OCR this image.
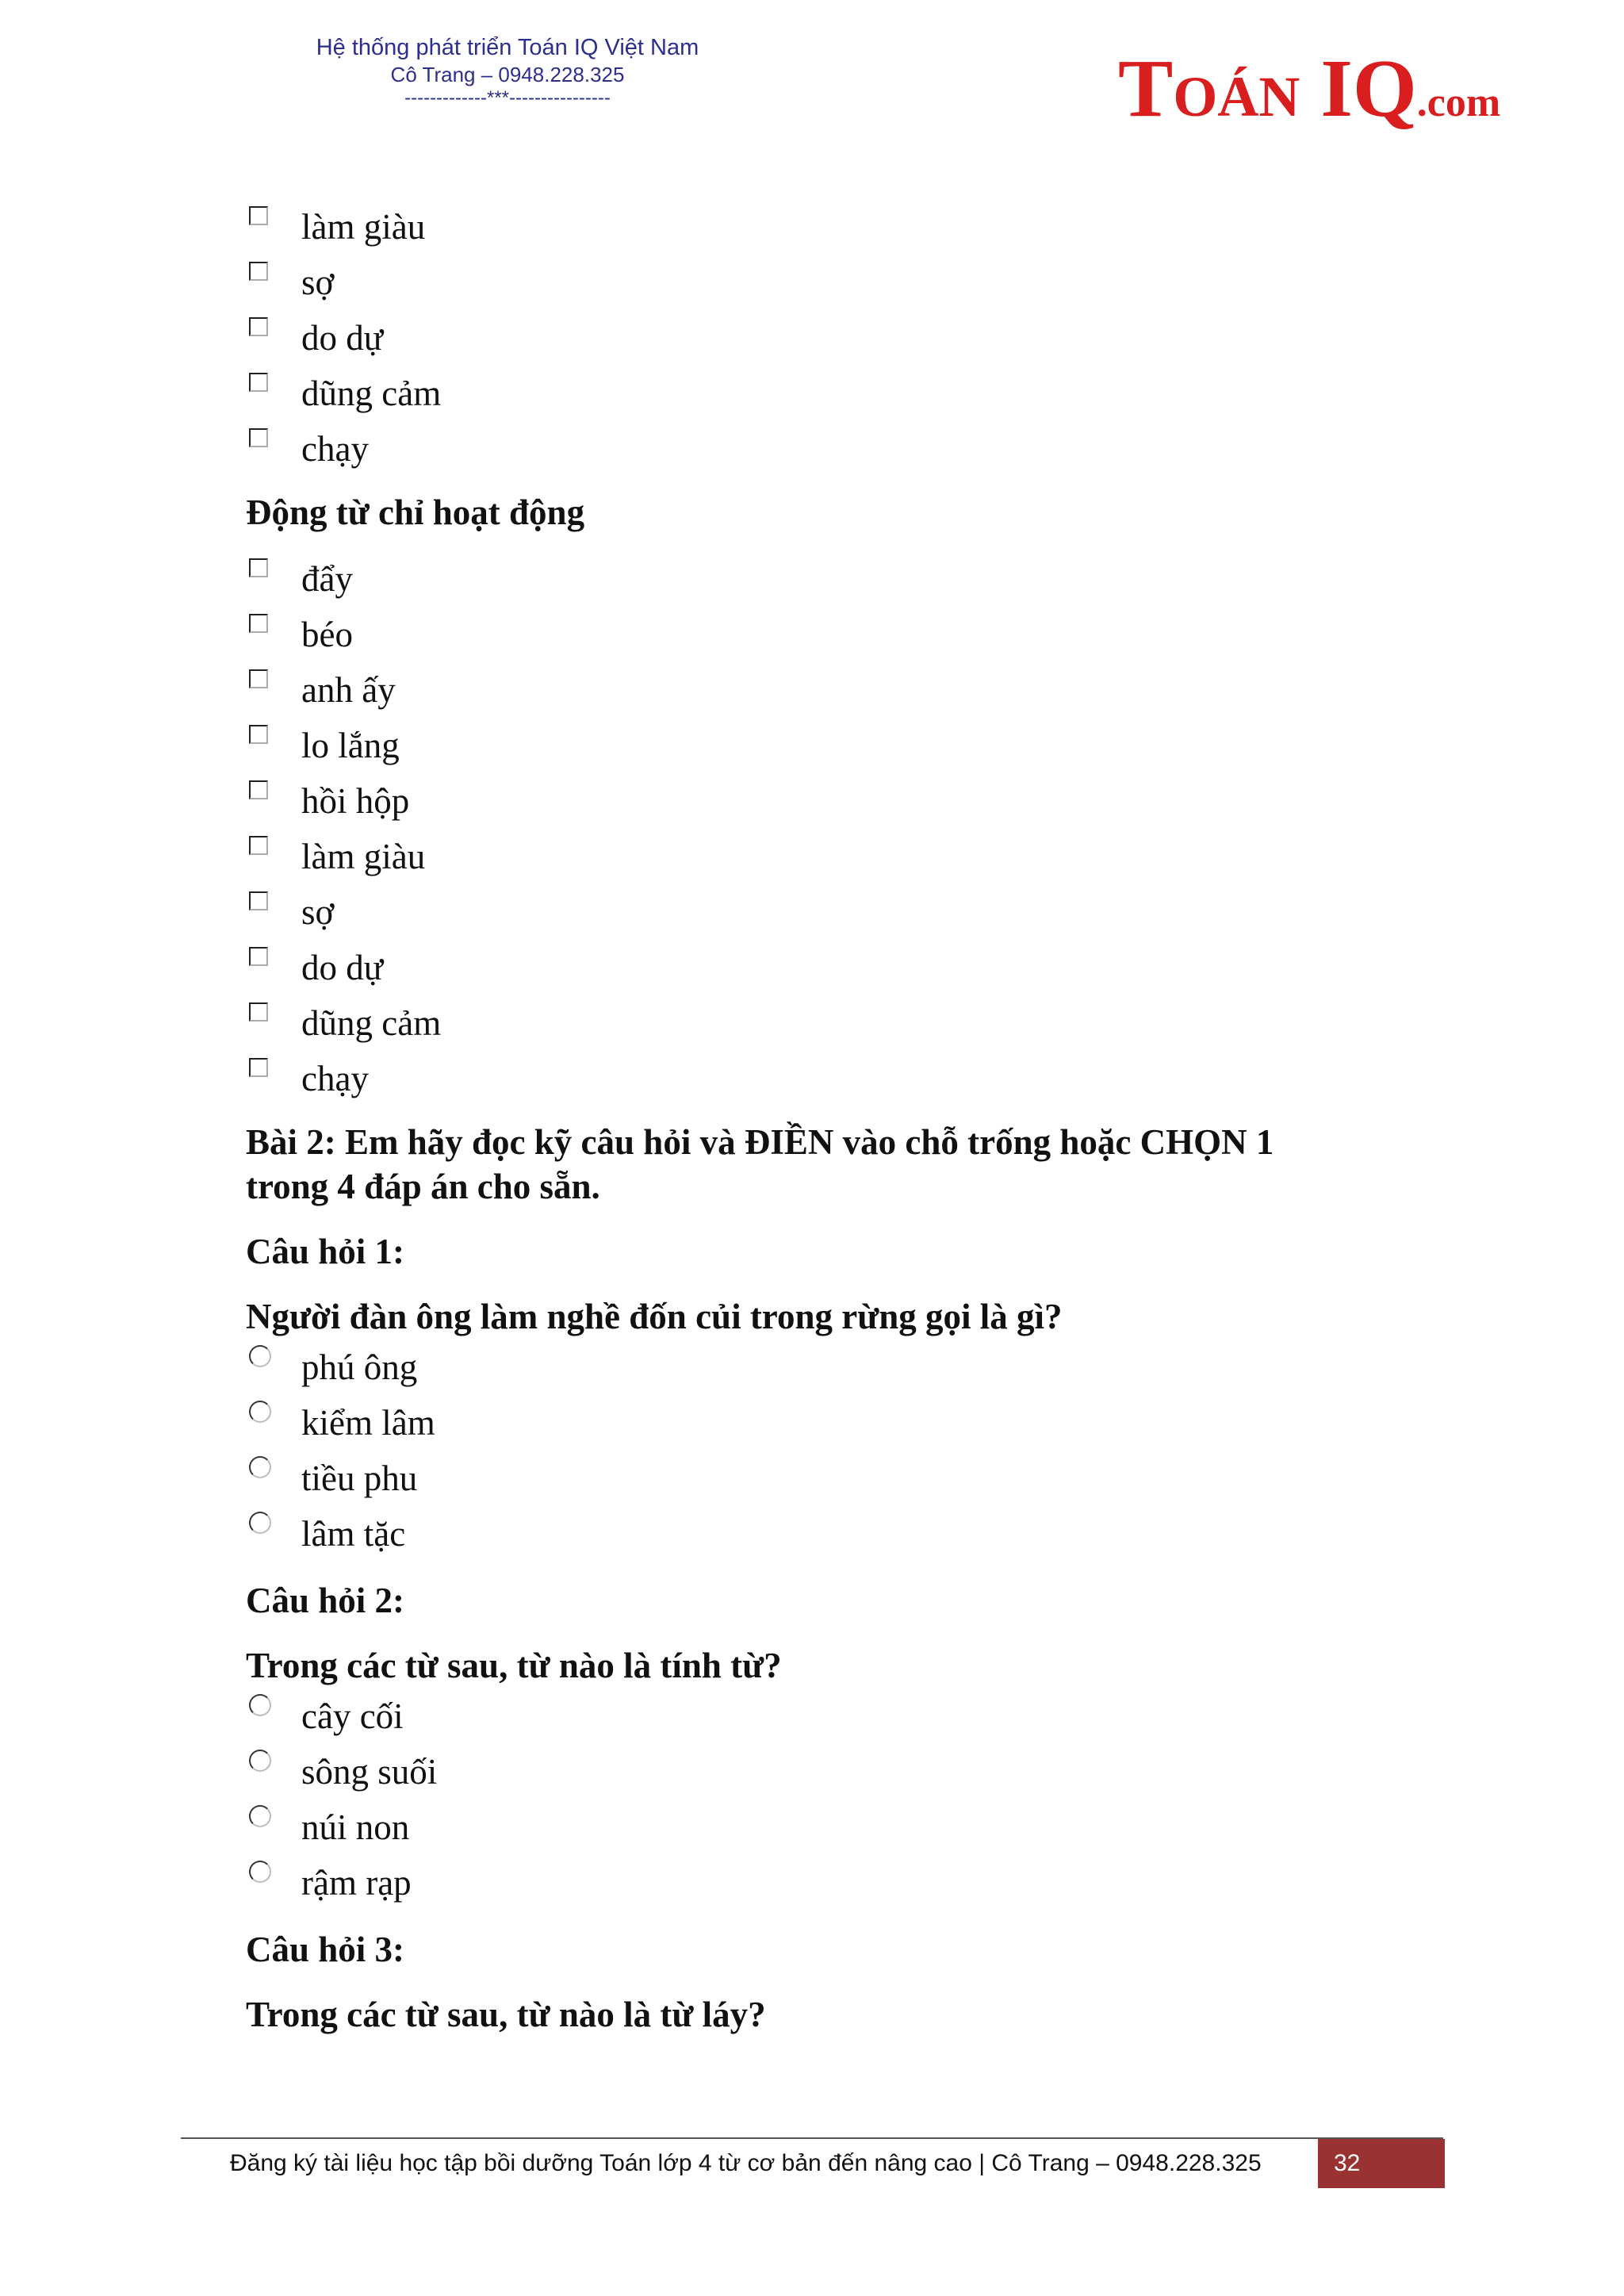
Hệ thống phát triển Toán IQ Việt Nam
Cô Trang – 0948.228.325
-------------***----------------	TOÁN IQ.com
làm giàu
sợ
do dự
dũng cảm
chạy

Động từ chỉ hoạt động

đẩy
béo
anh ấy
lo lắng
hồi hộp
làm giàu
sợ
do dự
dũng cảm
chạy

Bài 2: Em hãy đọc kỹ câu hỏi và ĐIỀN vào chỗ trống hoặc CHỌN 1

trong 4 đáp án cho sẵn.

Câu hỏi 1:

Người đàn ông làm nghề đốn củi trong rừng gọi là gì?

phú ông
kiểm lâm
tiều phu
lâm tặc

Câu hỏi 2:

Trong các từ sau, từ nào là tính từ?

cây cối
sông suối
núi non
rậm rạp

Câu hỏi 3:

Trong các từ sau, từ nào là từ láy?

Đăng ký tài liệu học tập bồi dưỡng Toán lớp 4 từ cơ bản đến nâng cao | Cô Trang – 0948.228.325	32
